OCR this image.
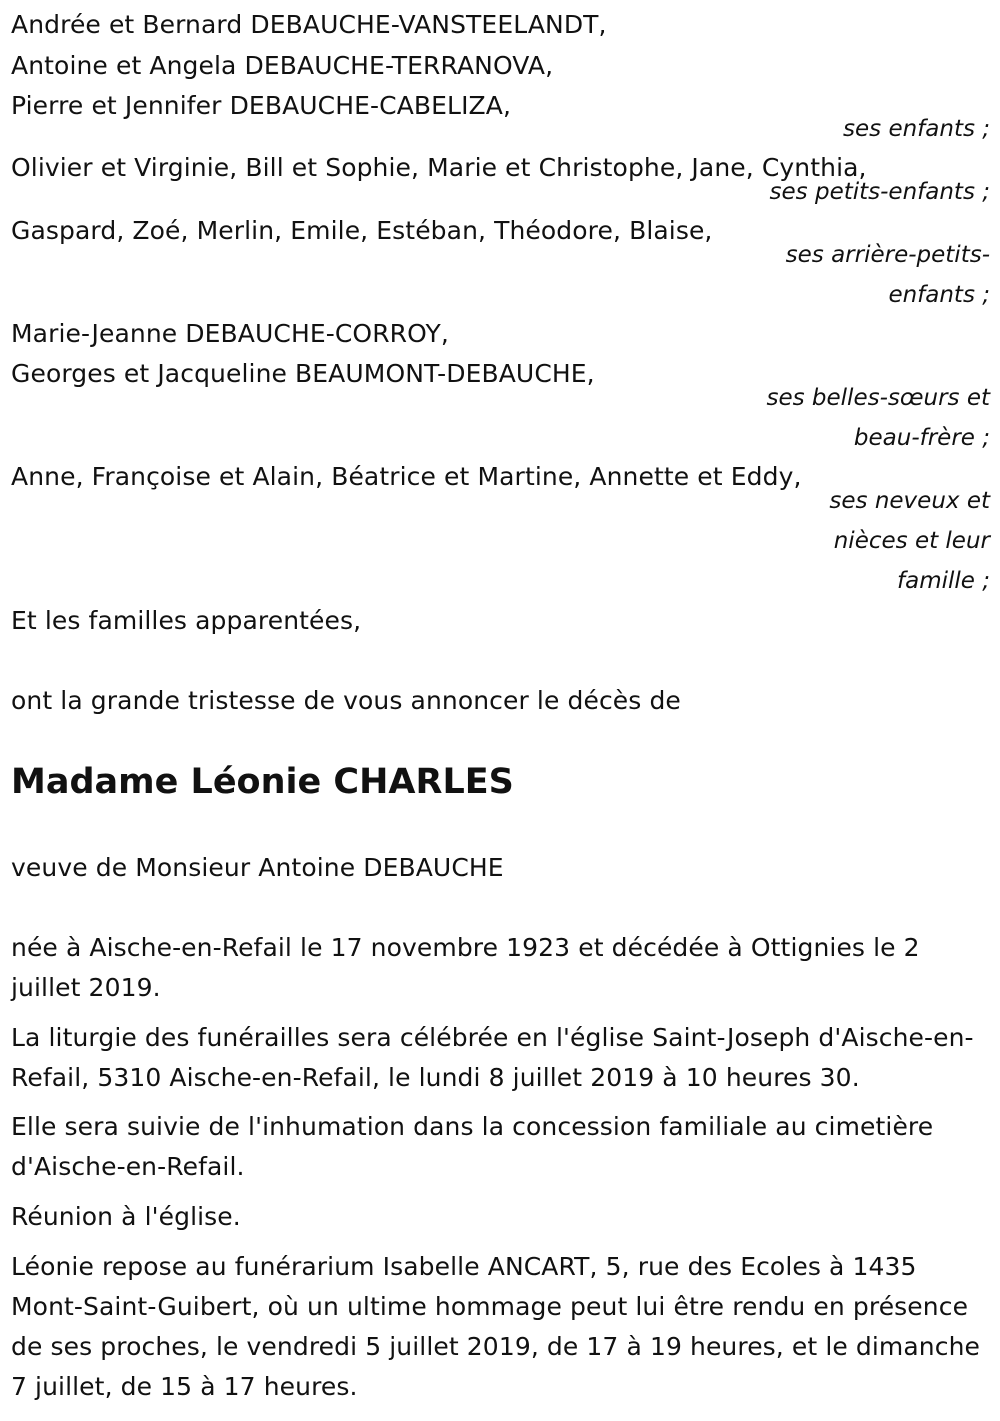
Andrée et Bernard DEBAUCHE-VANSTEELANDT,
Antoine et Angela DEBAUCHE-TERRANOVA,
Pierre et Jennifer DEBAUCHE-CABELIZA,
ses enfants ;
Olivier et Virginie, Bill et Sophie, Marie et Christophe, Jane, Cynthia,
ses petits-enfants ;
Gaspard, Zoé, Merlin, Emile, Estéban, Théodore, Blaise,
ses arrière-petits-
enfants ;
Marie-Jeanne DEBAUCHE-CORROY,
Georges et Jacqueline BEAUMONT-DEBAUCHE,
ses belles-sœurs et
beau-frère ;
Anne, Françoise et Alain, Béatrice et Martine, Annette et Eddy,
ses neveux et
nièces et leur
famille ;
Et les familles apparentées,
ont la grande tristesse de vous annoncer le décès de
Madame Léonie CHARLES
veuve de Monsieur Antoine DEBAUCHE
née à Aische-en-Refail le 17 novembre 1923 et décédée à Ottignies le 2 juillet 2019.
La liturgie des funérailles sera célébrée en l'église Saint-Joseph d'Aische-en-Refail, 5310 Aische-en-Refail, le lundi 8 juillet 2019 à 10 heures 30.
Elle sera suivie de l'inhumation dans la concession familiale au cimetière d'Aische-en-Refail.
Réunion à l'église.
Léonie repose au funérarium Isabelle ANCART, 5, rue des Ecoles à 1435 Mont-Saint-Guibert, où un ultime hommage peut lui être rendu en présence de ses proches, le vendredi 5 juillet 2019, de 17 à 19 heures, et le dimanche 7 juillet, de 15 à 17 heures.
